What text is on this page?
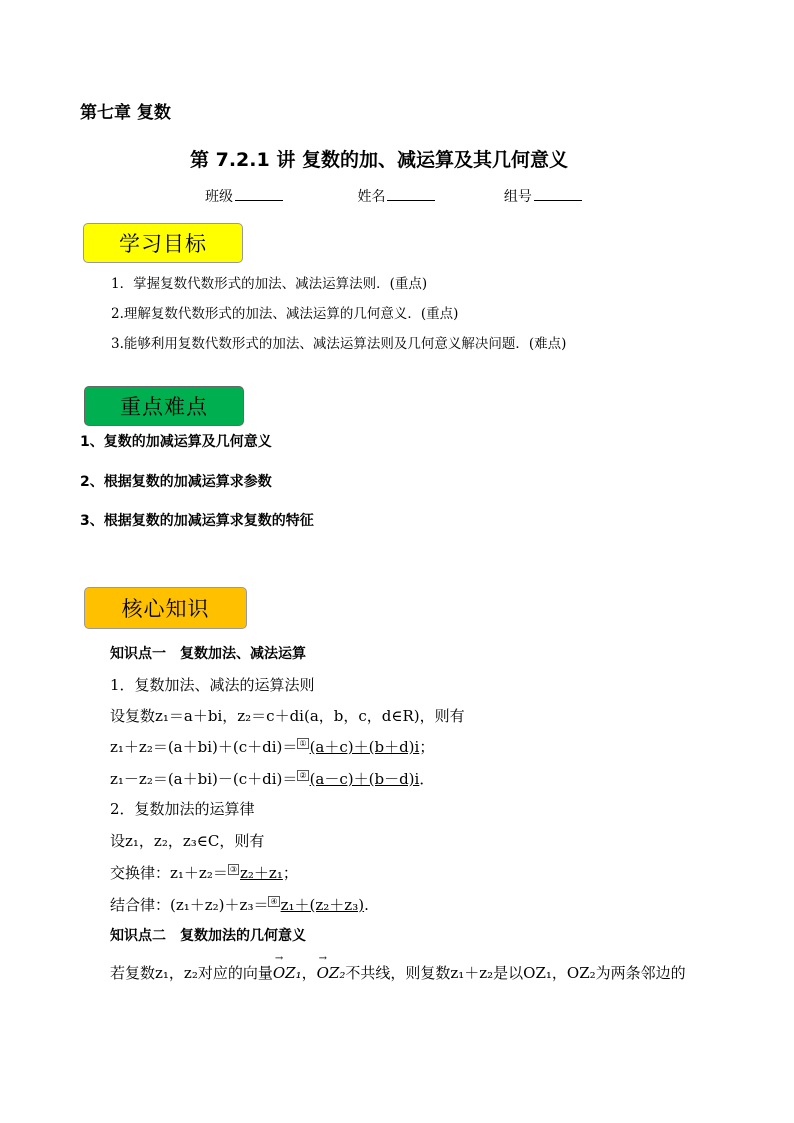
第七章 复数
第 7.2.1 讲 复数的加、减运算及其几何意义
班级	姓名	组号
学习目标
1．掌握复数代数形式的加法、减法运算法则．(重点)
2.理解复数代数形式的加法、减法运算的几何意义．(重点)
3.能够利用复数代数形式的加法、减法运算法则及几何意义解决问题．(难点)
重点难点
1、复数的加减运算及几何意义
2、根据复数的加减运算求参数
3、根据复数的加减运算求复数的特征
核心知识
知识点一　复数加法、减法运算
1．复数加法、减法的运算法则
设复数z₁＝a＋bi，z₂＝c＋di(a，b，c，d∈R)，则有
z₁＋z₂＝(a＋bi)＋(c＋di)＝ ① (a＋c)＋(b＋d)i；
z₁－z₂＝(a＋bi)－(c＋di)＝ ② (a－c)＋(b－d)i．
2．复数加法的运算律
设z₁，z₂，z₃∈C，则有
交换律：z₁＋z₂＝ ③ z₂＋z₁；
结合律：(z₁＋z₂)＋z₃＝ ④ z₁＋(z₂＋z₃).
知识点二　复数加法的几何意义
若复数z₁，z₂对应的向量→ OZ₁，→ OZ₂不共线，则复数z₁＋z₂是以OZ₁，OZ₂为两条邻边的
